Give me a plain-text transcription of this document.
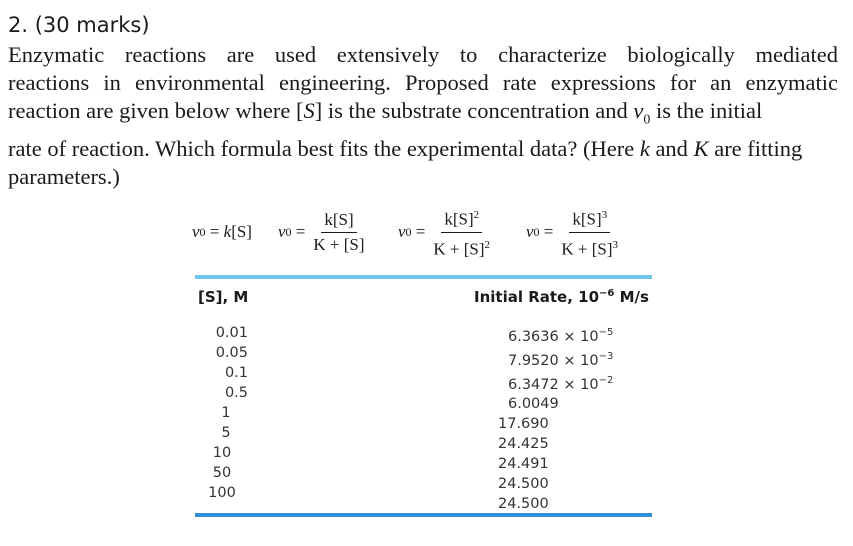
2. (30 marks)
Enzymatic reactions are used extensively to characterize biologically mediated
reactions in environmental engineering. Proposed rate expressions for an enzymatic
reaction are given below where [S] is the substrate concentration and $v_0$ is the initial
rate of reaction. Which formula best fits the experimental data? (Here k and K are fitting
parameters.)
v 0 = k [S] v $0 = \frac{k[S]}{K + [S]}$ v $0 = \frac{k[S]^2}{K + [S]^2}$ v $0 = \frac{k[S]^3}{K + [S]^3}$
[S], M	Initial Rate, $10^{-6}$ M/s
0.01
0.05
0.1
0.5
1
5
10
50
100
$6.3636 \times 10^{-5}$
$7.9520 \times 10^{-3}$
$6.3472 \times 10^{-2}$
6.0049
17.690
24.425
24.491
24.500
24.500
